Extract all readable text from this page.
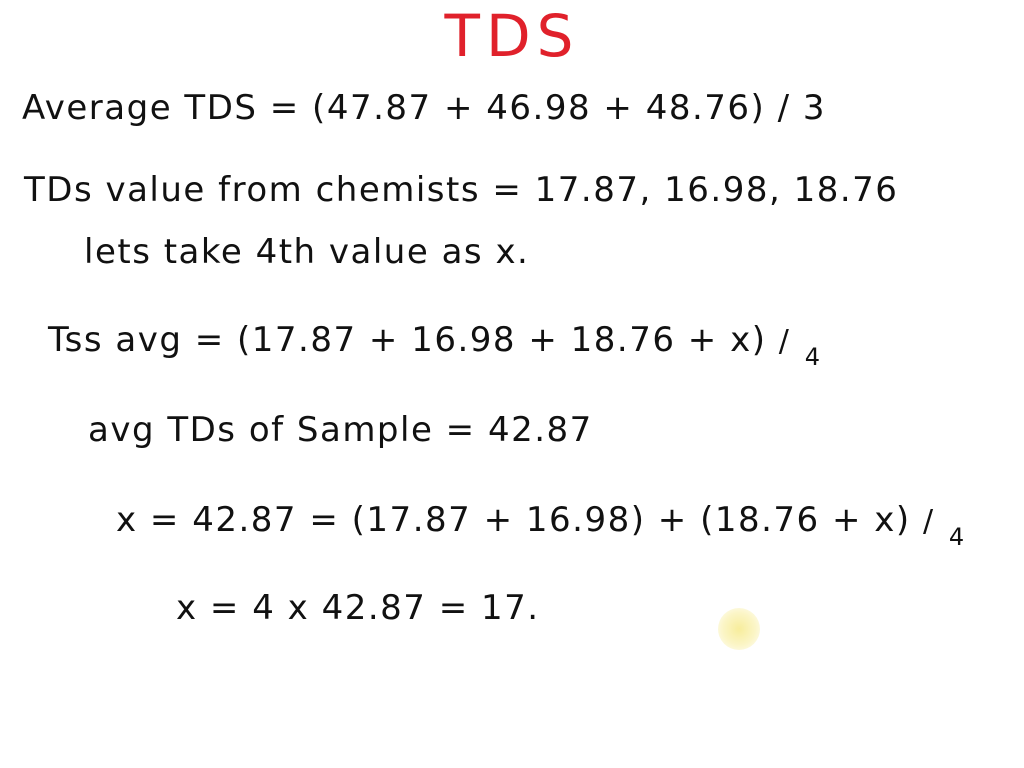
TDS
Average TDS = (47.87 + 46.98 + 48.76) / 3
TDs value from chemists = 17.87, 16.98, 18.76
lets take 4th value as x.
Tss avg = (17.87 + 16.98 + 18.76 + x) / $_4$
avg TDs of Sample = 42.87
x = 42.87 = (17.87 + 16.98) + (18.76 + x) / $_4$
x = 4 x 42.87 = 17.
